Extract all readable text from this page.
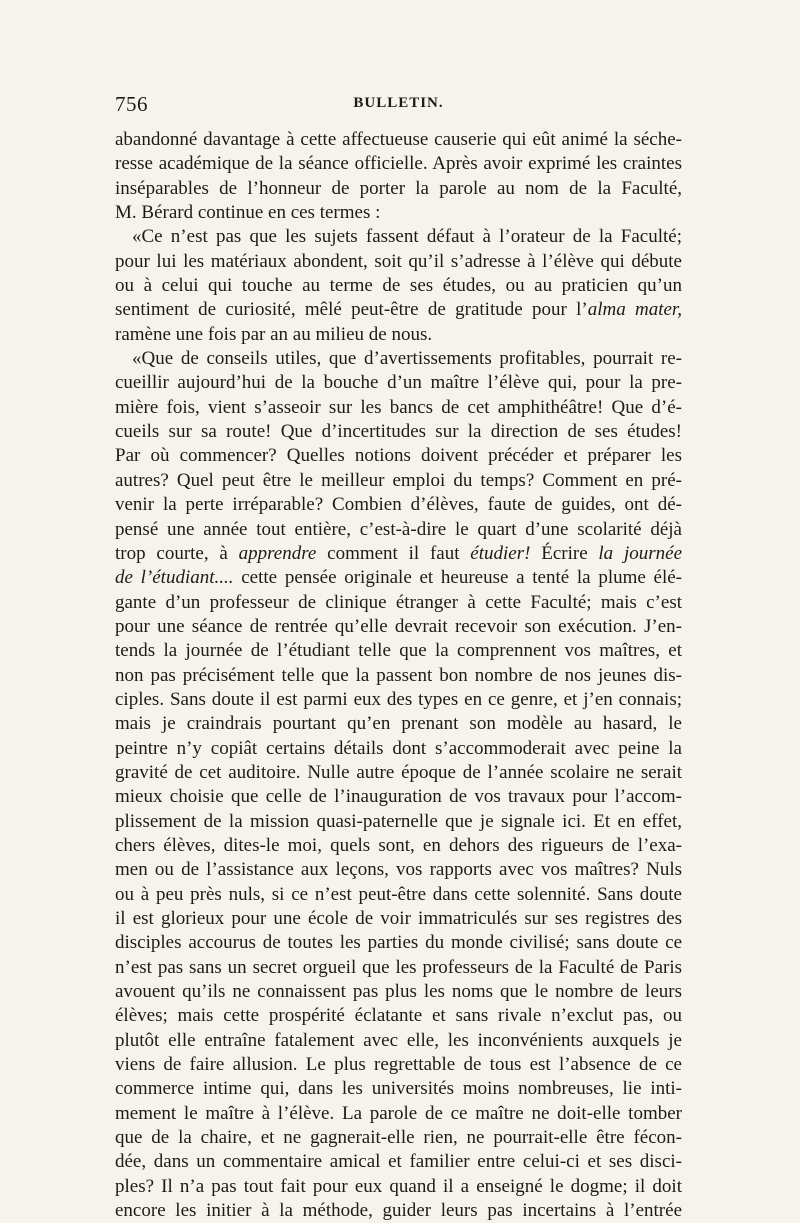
756	BULLETIN.
abandonné davantage à cette affectueuse causerie qui eût animé la séche-
resse académique de la séance officielle. Après avoir exprimé les craintes
inséparables de l’honneur de porter la parole au nom de la Faculté,
M. Bérard continue en ces termes :
«Ce n’est pas que les sujets fassent défaut à l’orateur de la Faculté;
pour lui les matériaux abondent, soit qu’il s’adresse à l’élève qui débute
ou à celui qui touche au terme de ses études, ou au praticien qu’un
sentiment de curiosité, mêlé peut-être de gratitude pour l’alma mater,
ramène une fois par an au milieu de nous.
«Que de conseils utiles, que d’avertissements profitables, pourrait re-
cueillir aujourd’hui de la bouche d’un maître l’élève qui, pour la pre-
mière fois, vient s’asseoir sur les bancs de cet amphithéâtre! Que d’é-
cueils sur sa route! Que d’incertitudes sur la direction de ses études!
Par où commencer? Quelles notions doivent précéder et préparer les
autres? Quel peut être le meilleur emploi du temps? Comment en pré-
venir la perte irréparable? Combien d’élèves, faute de guides, ont dé-
pensé une année tout entière, c’est-à-dire le quart d’une scolarité déjà
trop courte, à apprendre comment il faut étudier! Écrire la journée
de l’étudiant.... cette pensée originale et heureuse a tenté la plume élé-
gante d’un professeur de clinique étranger à cette Faculté; mais c’est
pour une séance de rentrée qu’elle devrait recevoir son exécution. J’en-
tends la journée de l’étudiant telle que la comprennent vos maîtres, et
non pas précisément telle que la passent bon nombre de nos jeunes dis-
ciples. Sans doute il est parmi eux des types en ce genre, et j’en connais;
mais je craindrais pourtant qu’en prenant son modèle au hasard, le
peintre n’y copiât certains détails dont s’accommoderait avec peine la
gravité de cet auditoire. Nulle autre époque de l’année scolaire ne serait
mieux choisie que celle de l’inauguration de vos travaux pour l’accom-
plissement de la mission quasi-paternelle que je signale ici. Et en effet,
chers élèves, dites-le moi, quels sont, en dehors des rigueurs de l’exa-
men ou de l’assistance aux leçons, vos rapports avec vos maîtres? Nuls
ou à peu près nuls, si ce n’est peut-être dans cette solennité. Sans doute
il est glorieux pour une école de voir immatriculés sur ses registres des
disciples accourus de toutes les parties du monde civilisé; sans doute ce
n’est pas sans un secret orgueil que les professeurs de la Faculté de Paris
avouent qu’ils ne connaissent pas plus les noms que le nombre de leurs
élèves; mais cette prospérité éclatante et sans rivale n’exclut pas, ou
plutôt elle entraîne fatalement avec elle, les inconvénients auxquels je
viens de faire allusion. Le plus regrettable de tous est l’absence de ce
commerce intime qui, dans les universités moins nombreuses, lie inti-
mement le maître à l’élève. La parole de ce maître ne doit-elle tomber
que de la chaire, et ne gagnerait-elle rien, ne pourrait-elle être fécon-
dée, dans un commentaire amical et familier entre celui-ci et ses disci-
ples? Il n’a pas tout fait pour eux quand il a enseigné le dogme; il doit
encore les initier à la méthode, guider leurs pas incertains à l’entrée
